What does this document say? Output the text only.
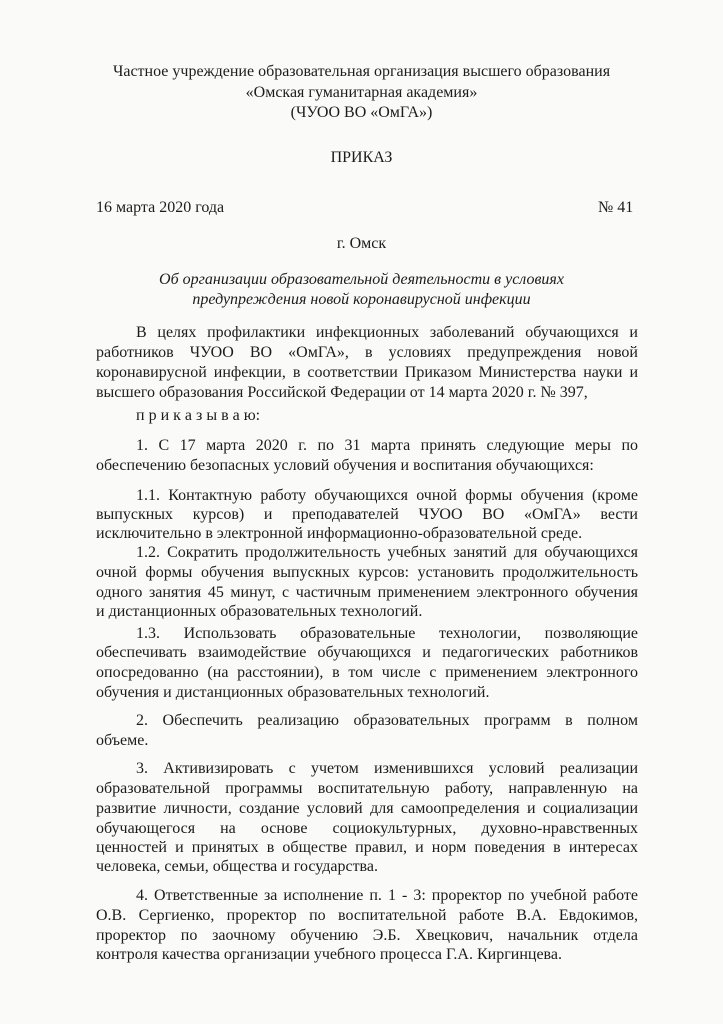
Частное учреждение образовательная организация высшего образования
«Омская гуманитарная академия»
(ЧУОО ВО «ОмГА»)
ПРИКАЗ
16 марта 2020 года	№ 41
г. Омск
Об организации образовательной деятельности в условиях
предупреждения новой коронавирусной инфекции
В целях профилактики инфекционных заболеваний обучающихся и
работников ЧУОО ВО «ОмГА», в условиях предупреждения новой
коронавирусной инфекции, в соответствии Приказом Министерства науки и
высшего образования Российской Федерации от 14 марта 2020 г. № 397,
п р и к а з ы в а ю:
1. С 17 марта 2020 г. по 31 марта принять следующие меры по
обеспечению безопасных условий обучения и воспитания обучающихся:
1.1. Контактную работу обучающихся очной формы обучения (кроме
выпускных курсов) и преподавателей ЧУОО ВО «ОмГА» вести
исключительно в электронной информационно-образовательной среде.
1.2. Сократить продолжительность учебных занятий для обучающихся
очной формы обучения выпускных курсов: установить продолжительность
одного занятия 45 минут, с частичным применением электронного обучения
и дистанционных образовательных технологий.
1.3. Использовать образовательные технологии, позволяющие
обеспечивать взаимодействие обучающихся и педагогических работников
опосредованно (на расстоянии), в том числе с применением электронного
обучения и дистанционных образовательных технологий.
2. Обеспечить реализацию образовательных программ в полном
объеме.
3. Активизировать с учетом изменившихся условий реализации
образовательной программы воспитательную работу, направленную на
развитие личности, создание условий для самоопределения и социализации
обучающегося на основе социокультурных, духовно-нравственных
ценностей и принятых в обществе правил, и норм поведения в интересах
человека, семьи, общества и государства.
4. Ответственные за исполнение п. 1 - 3: проректор по учебной работе
О.В. Сергиенко, проректор по воспитательной работе В.А. Евдокимов,
проректор по заочному обучению Э.Б. Хвецкович, начальник отдела
контроля качества организации учебного процесса Г.А. Киргинцева.
